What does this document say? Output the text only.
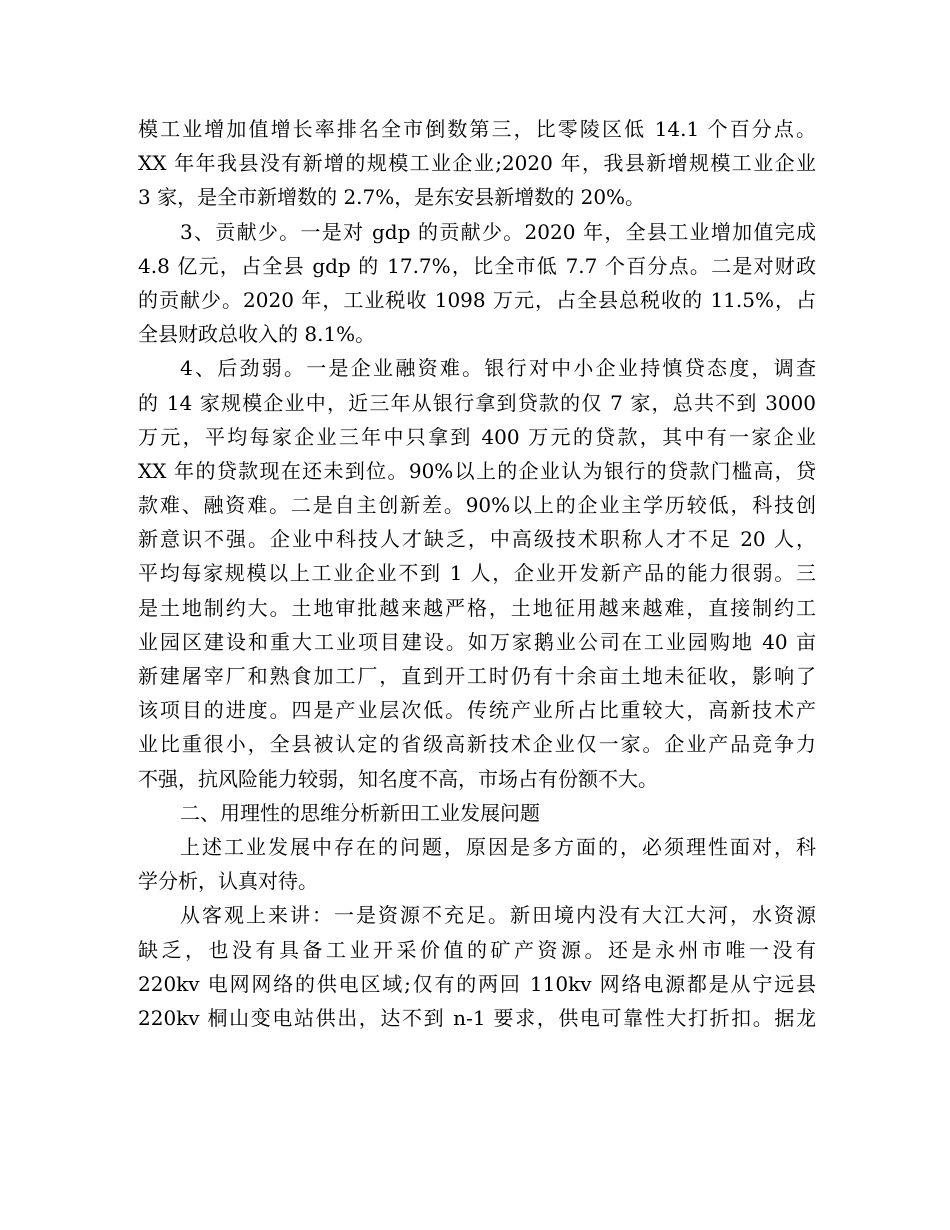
模工业增加值增长率排名全市倒数第三，比零陵区低 14.1 个百分点。
XX 年年我县没有新增的规模工业企业;2020 年，我县新增规模工业企业
3 家，是全市新增数的 2.7%，是东安县新增数的 20%。
3、贡献少。一是对 gdp 的贡献少。2020 年，全县工业增加值完成
4.8 亿元，占全县 gdp 的 17.7%，比全市低 7.7 个百分点。二是对财政
的贡献少。2020 年，工业税收 1098 万元，占全县总税收的 11.5%，占
全县财政总收入的 8.1%。
4、后劲弱。一是企业融资难。银行对中小企业持慎贷态度，调查
的 14 家规模企业中，近三年从银行拿到贷款的仅 7 家，总共不到 3000
万元，平均每家企业三年中只拿到 400 万元的贷款，其中有一家企业
XX 年的贷款现在还未到位。90%以上的企业认为银行的贷款门槛高，贷
款难、融资难。二是自主创新差。90%以上的企业主学历较低，科技创
新意识不强。企业中科技人才缺乏，中高级技术职称人才不足 20 人，
平均每家规模以上工业企业不到 1 人，企业开发新产品的能力很弱。三
是土地制约大。土地审批越来越严格，土地征用越来越难，直接制约工
业园区建设和重大工业项目建设。如万家鹅业公司在工业园购地 40 亩
新建屠宰厂和熟食加工厂，直到开工时仍有十余亩土地未征收，影响了
该项目的进度。四是产业层次低。传统产业所占比重较大，高新技术产
业比重很小，全县被认定的省级高新技术企业仅一家。企业产品竞争力
不强，抗风险能力较弱，知名度不高，市场占有份额不大。
二、用理性的思维分析新田工业发展问题
上述工业发展中存在的问题，原因是多方面的，必须理性面对，科
学分析，认真对待。
从客观上来讲：一是资源不充足。新田境内没有大江大河，水资源
缺乏，也没有具备工业开采价值的矿产资源。还是永州市唯一没有
220kv 电网网络的供电区域;仅有的两回 110kv 网络电源都是从宁远县
220kv 桐山变电站供出，达不到 n-1 要求，供电可靠性大打折扣。据龙
